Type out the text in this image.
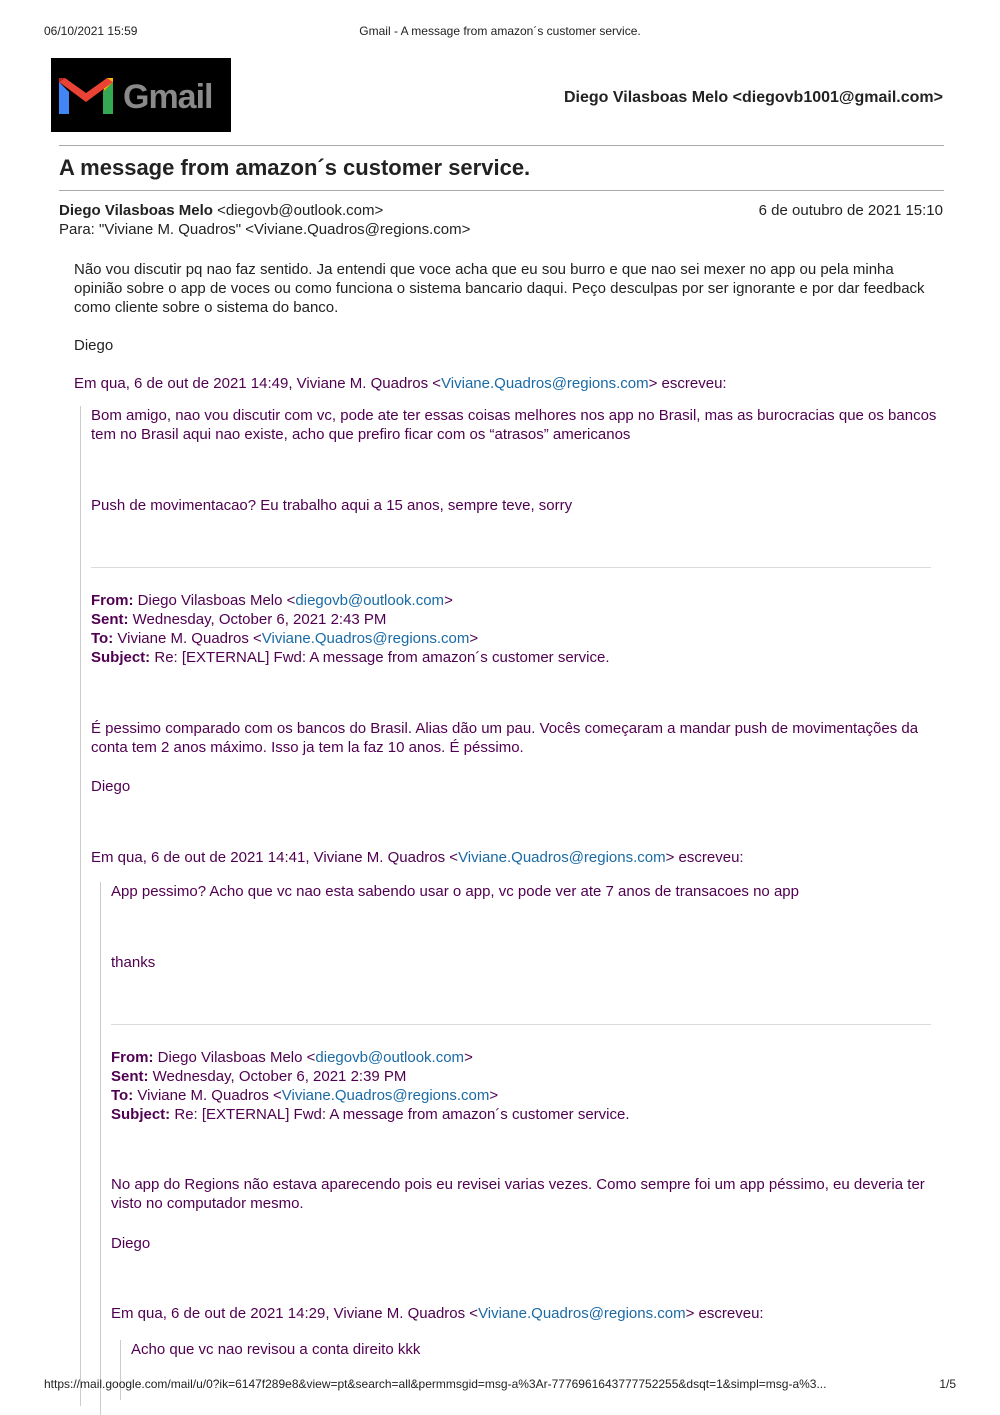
06/10/2021 15:59	Gmail - A message from amazon´s customer service.
Gmail	Diego Vilasboas Melo <diegovb1001@gmail.com>
A message from amazon´s customer service.
Diego Vilasboas Melo <diegovb@outlook.com>	6 de outubro de 2021 15:10
Para: "Viviane M. Quadros" <Viviane.Quadros@regions.com>

Não vou discutir pq nao faz sentido. Ja entendi que voce acha que eu sou burro e que nao sei mexer no app ou pela minha opinião sobre o app de voces ou como funciona o sistema bancario daqui. Peço desculpas por ser ignorante e por dar feedback como cliente sobre o sistema do banco.

Diego

Em qua, 6 de out de 2021 14:49, Viviane M. Quadros <Viviane.Quadros@regions.com> escreveu:

Bom amigo, nao vou discutir com vc, pode ate ter essas coisas melhores nos app no Brasil, mas as burocracias que os bancos tem no Brasil aqui nao existe, acho que prefiro ficar com os “atrasos” americanos

Push de movimentacao? Eu trabalho aqui a 15 anos, sempre teve, sorry

From: Diego Vilasboas Melo <diegovb@outlook.com>

Sent: Wednesday, October 6, 2021 2:43 PM

To: Viviane M. Quadros <Viviane.Quadros@regions.com>

Subject: Re: [EXTERNAL] Fwd: A message from amazon´s customer service.

É pessimo comparado com os bancos do Brasil. Alias dão um pau. Vocês começaram a mandar push de movimentações da conta tem 2 anos máximo. Isso ja tem la faz 10 anos. É péssimo.

Diego

Em qua, 6 de out de 2021 14:41, Viviane M. Quadros <Viviane.Quadros@regions.com> escreveu:

App pessimo? Acho que vc nao esta sabendo usar o app, vc pode ver ate 7 anos de transacoes no app

thanks

From: Diego Vilasboas Melo <diegovb@outlook.com>

Sent: Wednesday, October 6, 2021 2:39 PM

To: Viviane M. Quadros <Viviane.Quadros@regions.com>

Subject: Re: [EXTERNAL] Fwd: A message from amazon´s customer service.

No app do Regions não estava aparecendo pois eu revisei varias vezes. Como sempre foi um app péssimo, eu deveria ter visto no computador mesmo.

Diego

Em qua, 6 de out de 2021 14:29, Viviane M. Quadros <Viviane.Quadros@regions.com> escreveu:

Acho que vc nao revisou a conta direito kkk

https://mail.google.com/mail/u/0?ik=6147f289e8&view=pt&search=all&permmsgid=msg-a%3Ar-7776961643777752255&dsqt=1&simpl=msg-a%3...	1/5
